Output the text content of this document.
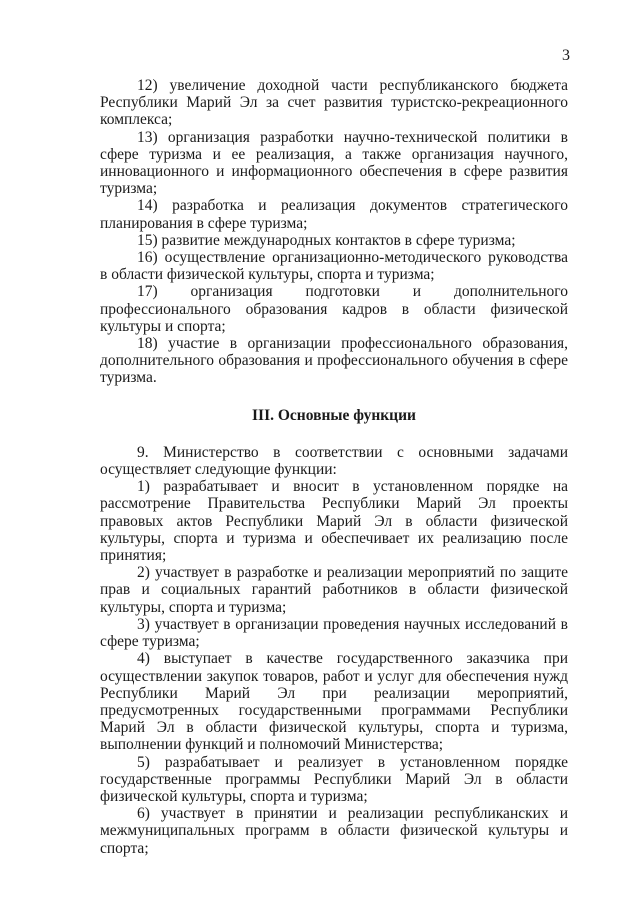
3

12) увеличение доходной части республиканского бюджета Республики Марий Эл за счет развития туристско-рекреационного комплекса;

13) организация разработки научно-технической политики в сфере туризма и ее реализация, а также организация научного, инновационного и информационного обеспечения в сфере развития туризма;

14) разработка и реализация документов стратегического планирования в сфере туризма;

15) развитие международных контактов в сфере туризма;

16) осуществление организационно-методического руководства в области физической культуры, спорта и туризма;

17) организация подготовки и дополнительного профессионального образования кадров в области физической культуры и спорта;

18) участие в организации профессионального образования, дополнительного образования и профессионального обучения в сфере туризма.

III. Основные функции

9. Министерство в соответствии с основными задачами осуществляет следующие функции:

1) разрабатывает и вносит в установленном порядке на рассмотрение Правительства Республики Марий Эл проекты правовых актов Республики Марий Эл в области физической культуры, спорта и туризма и обеспечивает их реализацию после принятия;

2) участвует в разработке и реализации мероприятий по защите прав и социальных гарантий работников в области физической культуры, спорта и туризма;

3) участвует в организации проведения научных исследований в сфере туризма;

4) выступает в качестве государственного заказчика при осуществлении закупок товаров, работ и услуг для обеспечения нужд Республики Марий Эл при реализации мероприятий, предусмотренных государственными программами Республики Марий Эл в области физической культуры, спорта и туризма, выполнении функций и полномочий Министерства;

5) разрабатывает и реализует в установленном порядке государственные программы Республики Марий Эл в области физической культуры, спорта и туризма;

6) участвует в принятии и реализации республиканских и межмуниципальных программ в области физической культуры и спорта;
